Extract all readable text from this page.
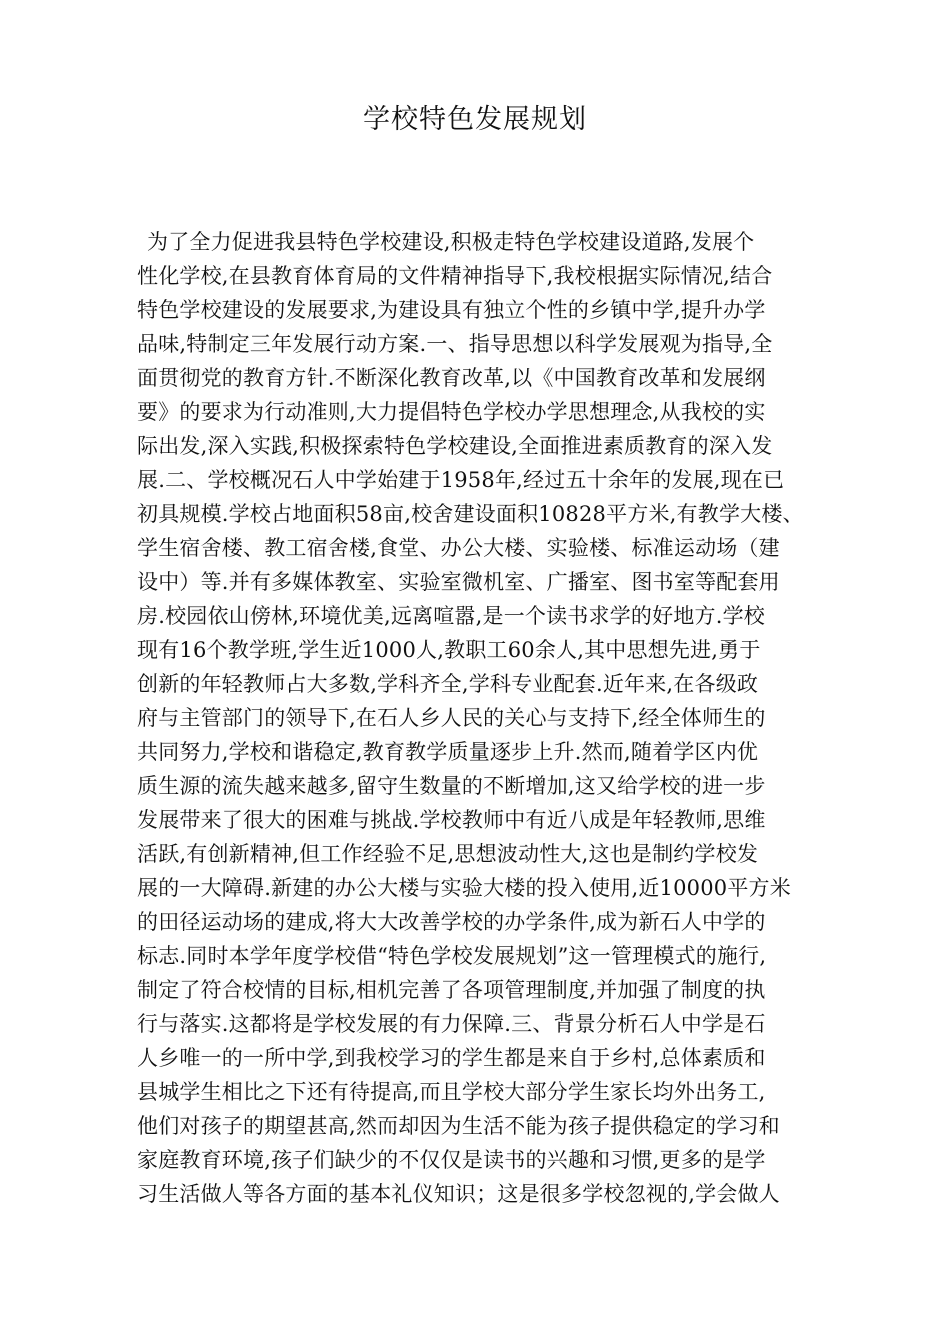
学校特色发展规划
为了全力促进我县特色学校建设,积极走特色学校建设道路,发展个
性化学校,在县教育体育局的文件精神指导下,我校根据实际情况,结合
特色学校建设的发展要求,为建设具有独立个性的乡镇中学,提升办学
品味,特制定三年发展行动方案.一、指导思想以科学发展观为指导,全
面贯彻党的教育方针.不断深化教育改革,以《中国教育改革和发展纲
要》的要求为行动准则,大力提倡特色学校办学思想理念,从我校的实
际出发,深入实践,积极探索特色学校建设,全面推进素质教育的深入发
展.二、学校概况石人中学始建于1958年,经过五十余年的发展,现在已
初具规模.学校占地面积58亩,校舍建设面积10828平方米,有教学大楼、
学生宿舍楼、教工宿舍楼,食堂、办公大楼、实验楼、标准运动场（建
设中）等.并有多媒体教室、实验室微机室、广播室、图书室等配套用
房.校园依山傍林,环境优美,远离喧嚣,是一个读书求学的好地方.学校
现有16个教学班,学生近1000人,教职工60余人,其中思想先进,勇于
创新的年轻教师占大多数,学科齐全,学科专业配套.近年来,在各级政
府与主管部门的领导下,在石人乡人民的关心与支持下,经全体师生的
共同努力,学校和谐稳定,教育教学质量逐步上升.然而,随着学区内优
质生源的流失越来越多,留守生数量的不断增加,这又给学校的进一步
发展带来了很大的困难与挑战.学校教师中有近八成是年轻教师,思维
活跃,有创新精神,但工作经验不足,思想波动性大,这也是制约学校发
展的一大障碍.新建的办公大楼与实验大楼的投入使用,近10000平方米
的田径运动场的建成,将大大改善学校的办学条件,成为新石人中学的
标志.同时本学年度学校借“特色学校发展规划”这一管理模式的施行,
制定了符合校情的目标,相机完善了各项管理制度,并加强了制度的执
行与落实.这都将是学校发展的有力保障.三、背景分析石人中学是石
人乡唯一的一所中学,到我校学习的学生都是来自于乡村,总体素质和
县城学生相比之下还有待提高,而且学校大部分学生家长均外出务工,
他们对孩子的期望甚高,然而却因为生活不能为孩子提供稳定的学习和
家庭教育环境,孩子们缺少的不仅仅是读书的兴趣和习惯,更多的是学
习生活做人等各方面的基本礼仪知识；这是很多学校忽视的,学会做人
